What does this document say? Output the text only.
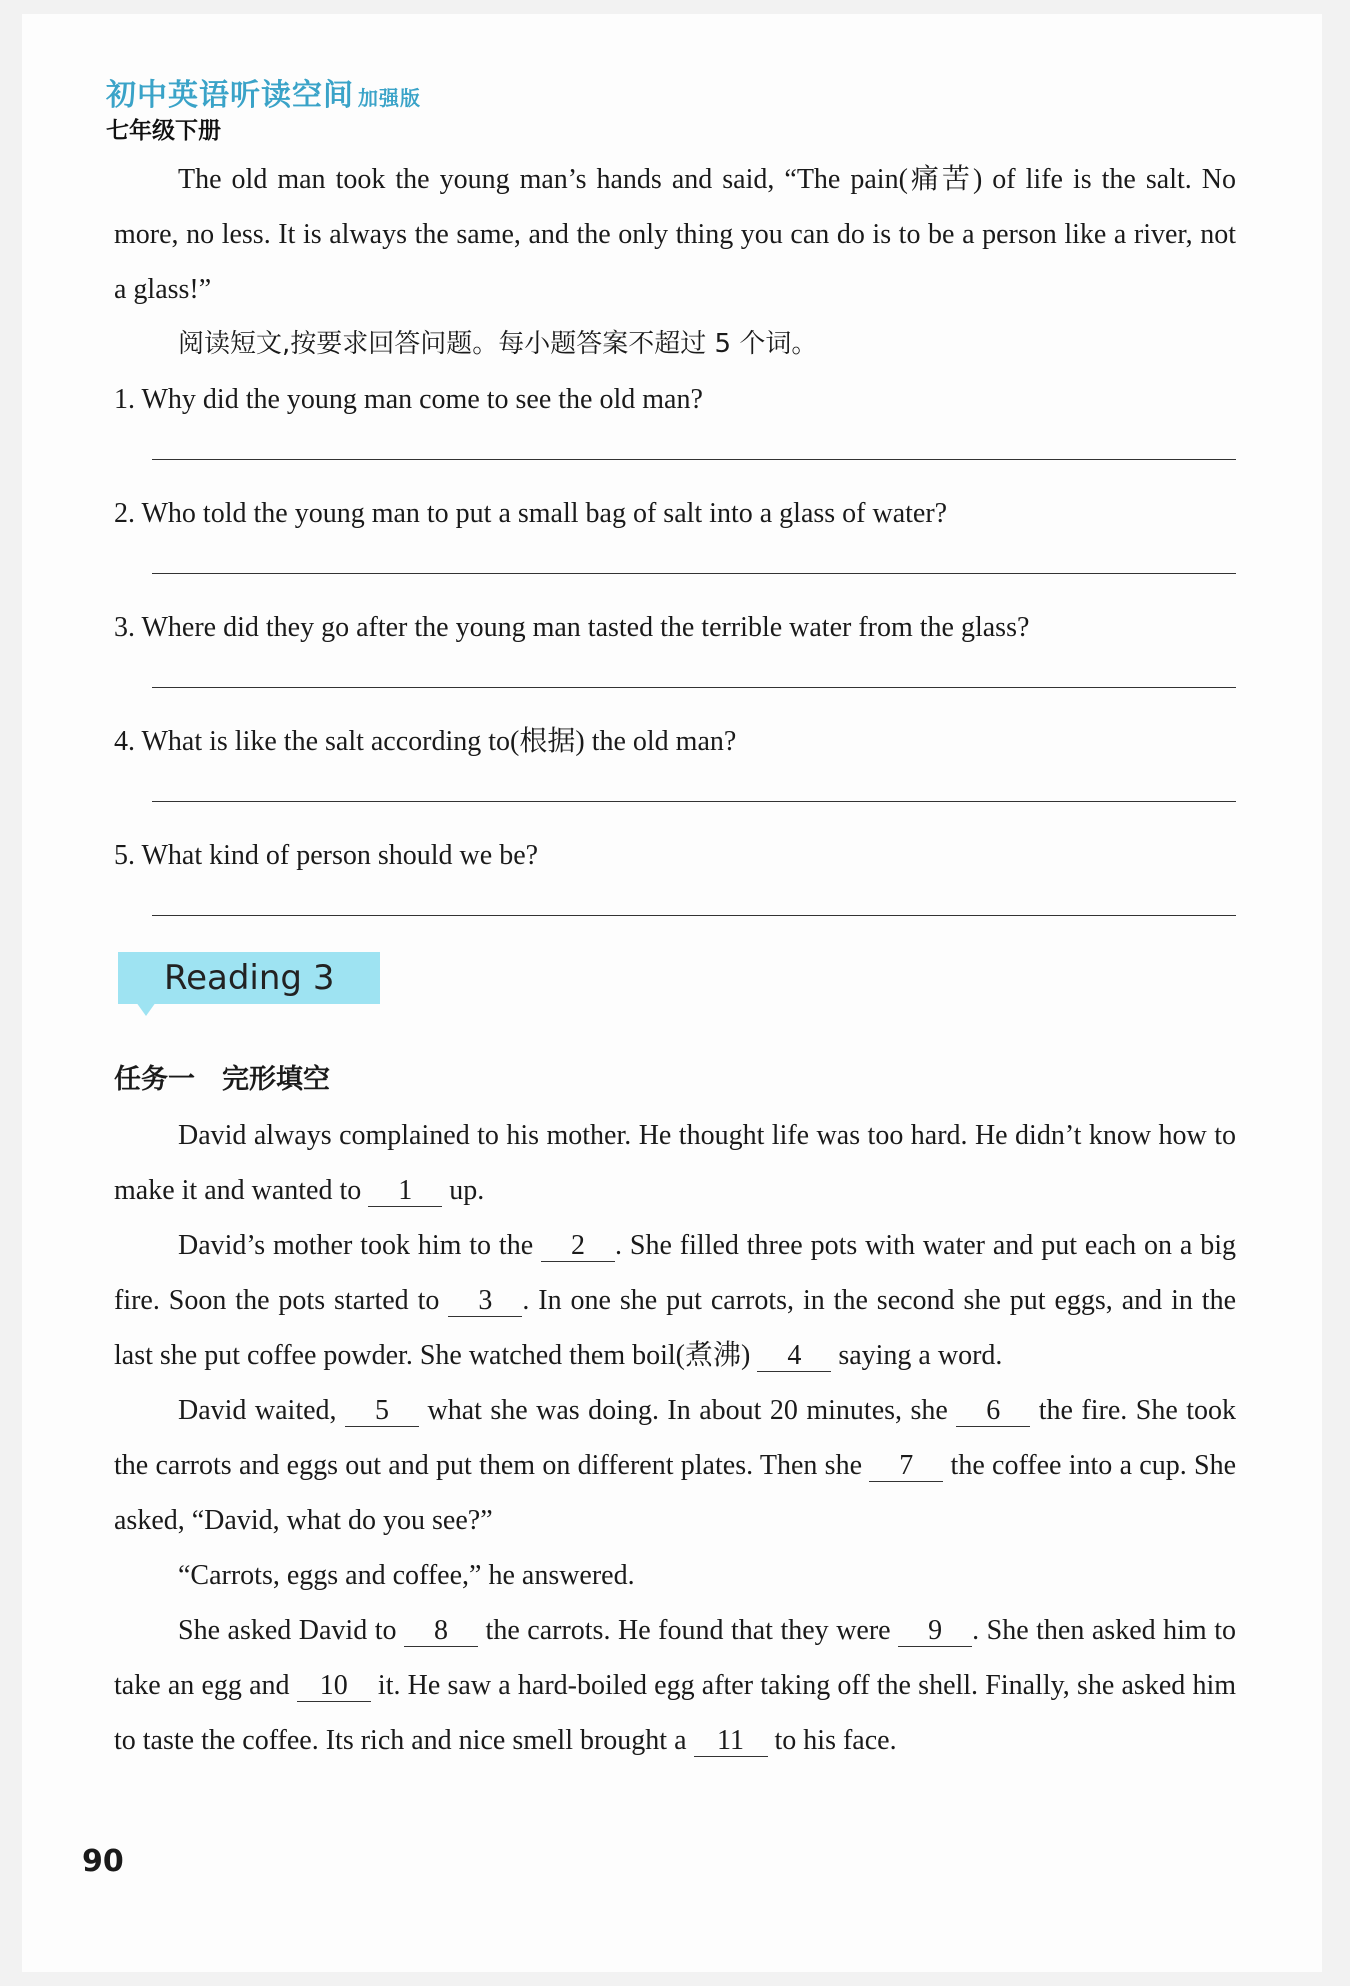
初中英语听读空间 加强版
七年级下册

The old man took the young man’s hands and said, “The pain(痛苦) of life is the salt. No more, no less. It is always the same, and the only thing you can do is to be a person like a river, not a glass!”

阅读短文,按要求回答问题。每小题答案不超过 5 个词。

1. Why did the young man come to see the old man?
2. Who told the young man to put a small bag of salt into a glass of water?
3. Where did they go after the young man tasted the terrible water from the glass?
4. What is like the salt according to(根据) the old man?
5. What kind of person should we be?
Reading 3
任务一　完形填空

David always complained to his mother. He thought life was too hard. He didn’t know how to make it and wanted to 1 up.

David’s mother took him to the 2 . She filled three pots with water and put each on a big fire. Soon the pots started to 3 . In one she put carrots, in the second she put eggs, and in the last she put coffee powder. She watched them boil(煮沸) 4 saying a word.

David waited, 5 what she was doing. In about 20 minutes, she 6 the fire. She took the carrots and eggs out and put them on different plates. Then she 7 the coffee into a cup. She asked, “David, what do you see?”

“Carrots, eggs and coffee,” he answered.

She asked David to 8 the carrots. He found that they were 9 . She then asked him to take an egg and 10 it. He saw a hard-boiled egg after taking off the shell. Finally, she asked him to taste the coffee. Its rich and nice smell brought a 11 to his face.

90
